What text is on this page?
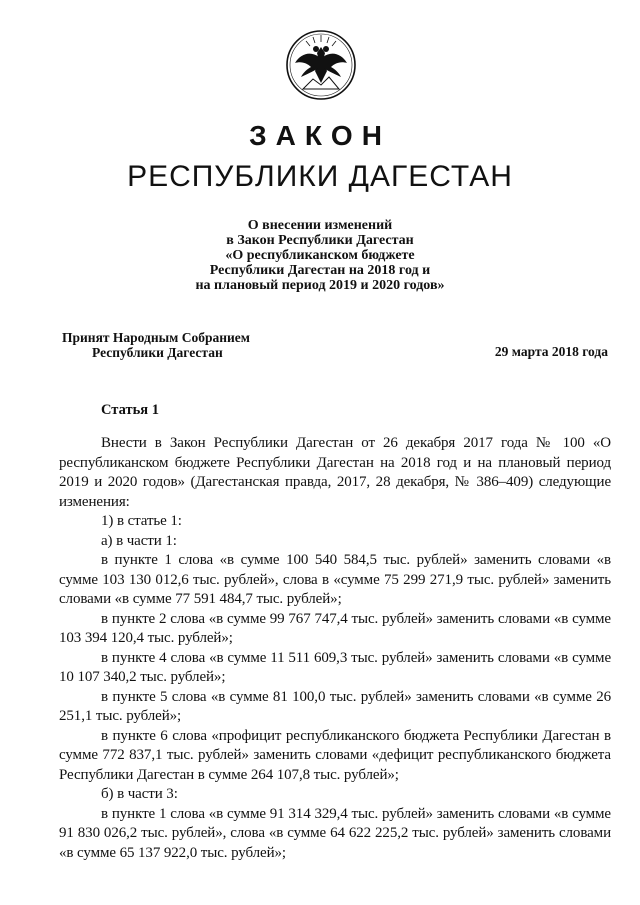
ЗАКОН
РЕСПУБЛИКИ ДАГЕСТАН
О внесении изменений
в Закон Республики Дагестан
«О республиканском бюджете
Республики Дагестан на 2018 год и
на плановый период 2019 и 2020 годов»
Принят Народным Собранием
Республики Дагестан	29 марта 2018 года
Статья 1

Внести в Закон Республики Дагестан от 26 декабря 2017 года № 100 «О республиканском бюджете Республики Дагестан на 2018 год и на плановый период 2019 и 2020 годов» (Дагестанская правда, 2017, 28 декабря, № 386–409) следующие изменения:

1) в статье 1:

а) в части 1:

в пункте 1 слова «в сумме 100 540 584,5 тыс. рублей» заменить словами «в сумме 103 130 012,6 тыс. рублей», слова в «сумме 75 299 271,9 тыс. рублей» заменить словами «в сумме 77 591 484,7 тыс. рублей»;

в пункте 2 слова «в сумме 99 767 747,4 тыс. рублей» заменить словами «в сумме 103 394 120,4 тыс. рублей»;

в пункте 4 слова «в сумме 11 511 609,3 тыс. рублей» заменить словами «в сумме 10 107 340,2 тыс. рублей»;

в пункте 5 слова «в сумме 81 100,0 тыс. рублей» заменить словами «в сумме 26 251,1 тыс. рублей»;

в пункте 6 слова «профицит республиканского бюджета Республики Дагестан в сумме 772 837,1 тыс. рублей» заменить словами «дефицит республиканского бюджета Республики Дагестан в сумме 264 107,8 тыс. рублей»;

б) в части 3:

в пункте 1 слова «в сумме 91 314 329,4 тыс. рублей» заменить словами «в сумме 91 830 026,2 тыс. рублей», слова «в сумме 64 622 225,2 тыс. рублей» заменить словами «в сумме 65 137 922,0 тыс. рублей»;
